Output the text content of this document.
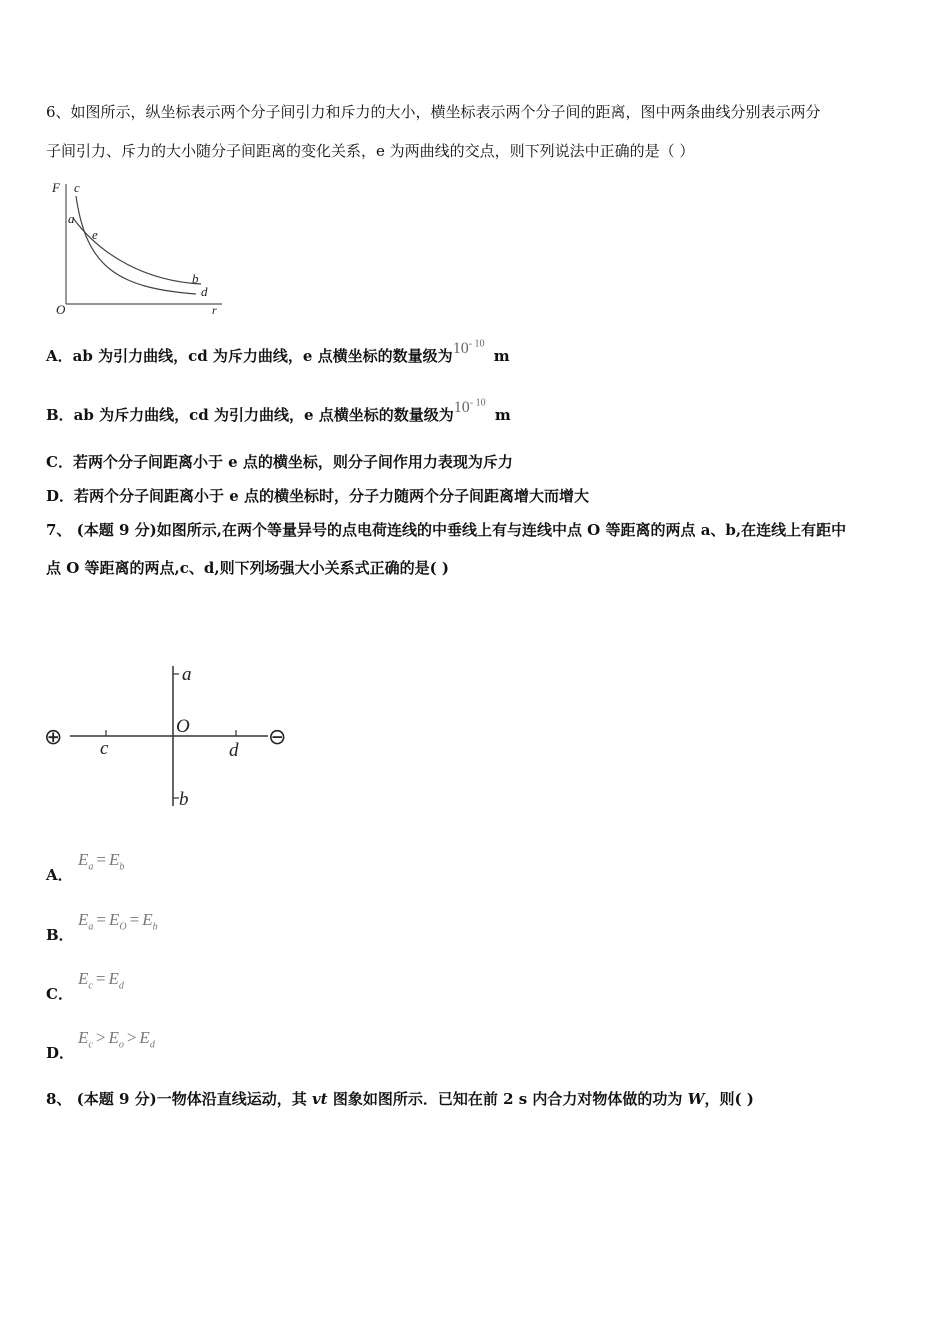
6、如图所示，纵坐标表示两个分子间引力和斥力的大小，横坐标表示两个分子间的距离，图中两条曲线分别表示两分
子间引力、斥力的大小随分子间距离的变化关系，e 为两曲线的交点，则下列说法中正确的是（ ）
F c
a
e
b
d
O	r
A．ab 为引力曲线，cd 为斥力曲线，e 点横坐标的数量级为$10^{- 10}$ m
B．ab 为斥力曲线，cd 为引力曲线，e 点横坐标的数量级为$10^{- 10}$ m
C．若两个分子间距离小于 e 点的横坐标，则分子间作用力表现为斥力
D．若两个分子间距离小于 e 点的横坐标时，分子力随两个分子间距离增大而增大
7、 (本题 9 分)如图所示,在两个等量异号的点电荷连线的中垂线上有与连线中点 O 等距离的两点 a、b,在连线上有距中
点 O 等距离的两点,c、d,则下列场强大小关系式正确的是( )
⊕	⊖
a
O
c	d
b
A．
$E_a = E_b$
B．
$E_a = E_O = E_b$
C．
$E_c = E_d$
D．
$E_c > E_o > E_d$
8、 (本题 9 分)一物体沿直线运动，其 vt 图象如图所示．已知在前 2 s 内合力对物体做的功为 W，则( )
